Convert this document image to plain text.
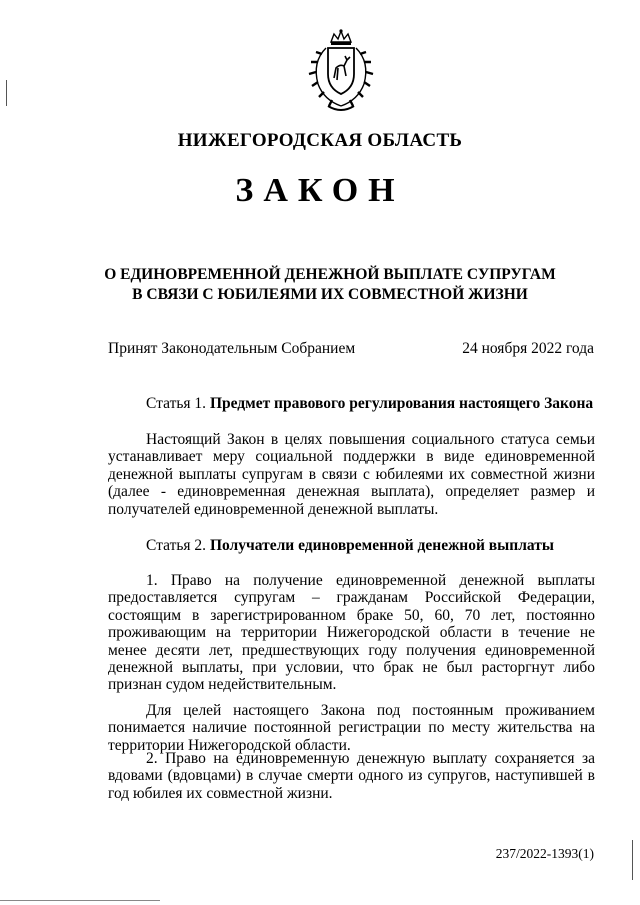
НИЖЕГОРОДСКАЯ ОБЛАСТЬ
ЗАКОН
О ЕДИНОВРЕМЕННОЙ ДЕНЕЖНОЙ ВЫПЛАТЕ СУПРУГАМ
В СВЯЗИ С ЮБИЛЕЯМИ ИХ СОВМЕСТНОЙ ЖИЗНИ
Принят Законодательным Собранием	24 ноября 2022 года
Статья 1. Предмет правового регулирования настоящего Закона

Настоящий Закон в целях повышения социального статуса семьи устанавливает меру социальной поддержки в виде единовременной денежной выплаты супругам в связи с юбилеями их совместной жизни (далее - единовременная денежная выплата), определяет размер и получателей единовременной денежной выплаты.

Статья 2. Получатели единовременной денежной выплаты

1. Право на получение единовременной денежной выплаты предоставляется супругам – гражданам Российской Федерации, состоящим в зарегистрированном браке 50, 60, 70 лет, постоянно проживающим на территории Нижегородской области в течение не менее десяти лет, предшествующих году получения единовременной денежной выплаты, при условии, что брак не был расторгнут либо признан судом недействительным.

Для целей настоящего Закона под постоянным проживанием понимается наличие постоянной регистрации по месту жительства на территории Нижегородской области.

2. Право на единовременную денежную выплату сохраняется за вдовами (вдовцами) в случае смерти одного из супругов, наступившей в год юбилея их совместной жизни.

237/2022-1393(1)
